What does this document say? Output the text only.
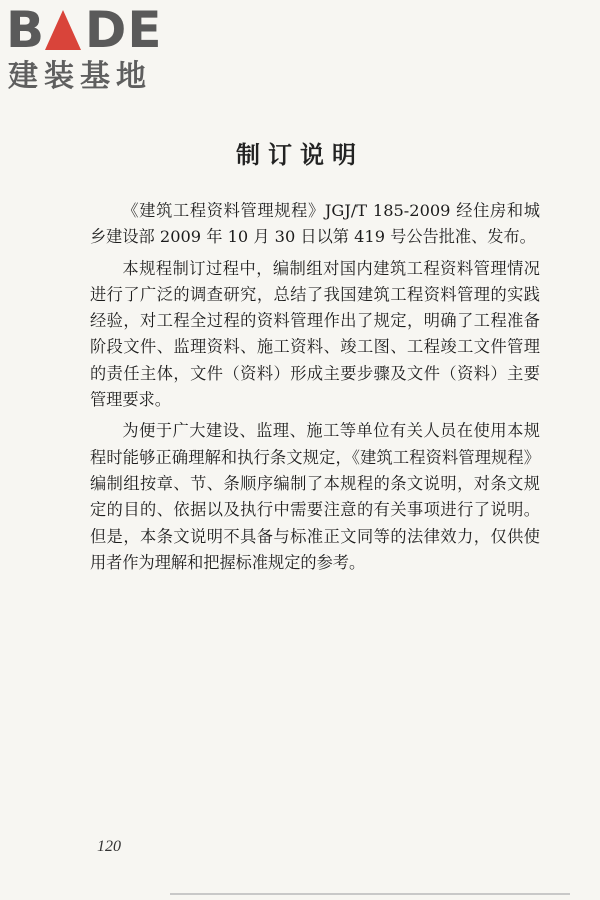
B DE
建装基地
制订说明

《建筑工程资料管理规程》JGJ/T 185-2009 经住房和城乡建设部 2009 年 10 月 30 日以第 419 号公告批准、发布。

本规程制订过程中，编制组对国内建筑工程资料管理情况进行了广泛的调查研究，总结了我国建筑工程资料管理的实践经验，对工程全过程的资料管理作出了规定，明确了工程准备阶段文件、监理资料、施工资料、竣工图、工程竣工文件管理的责任主体，文件（资料）形成主要步骤及文件（资料）主要管理要求。

为便于广大建设、监理、施工等单位有关人员在使用本规程时能够正确理解和执行条文规定，《建筑工程资料管理规程》编制组按章、节、条顺序编制了本规程的条文说明，对条文规定的目的、依据以及执行中需要注意的有关事项进行了说明。但是，本条文说明不具备与标准正文同等的法律效力，仅供使用者作为理解和把握标准规定的参考。

120
